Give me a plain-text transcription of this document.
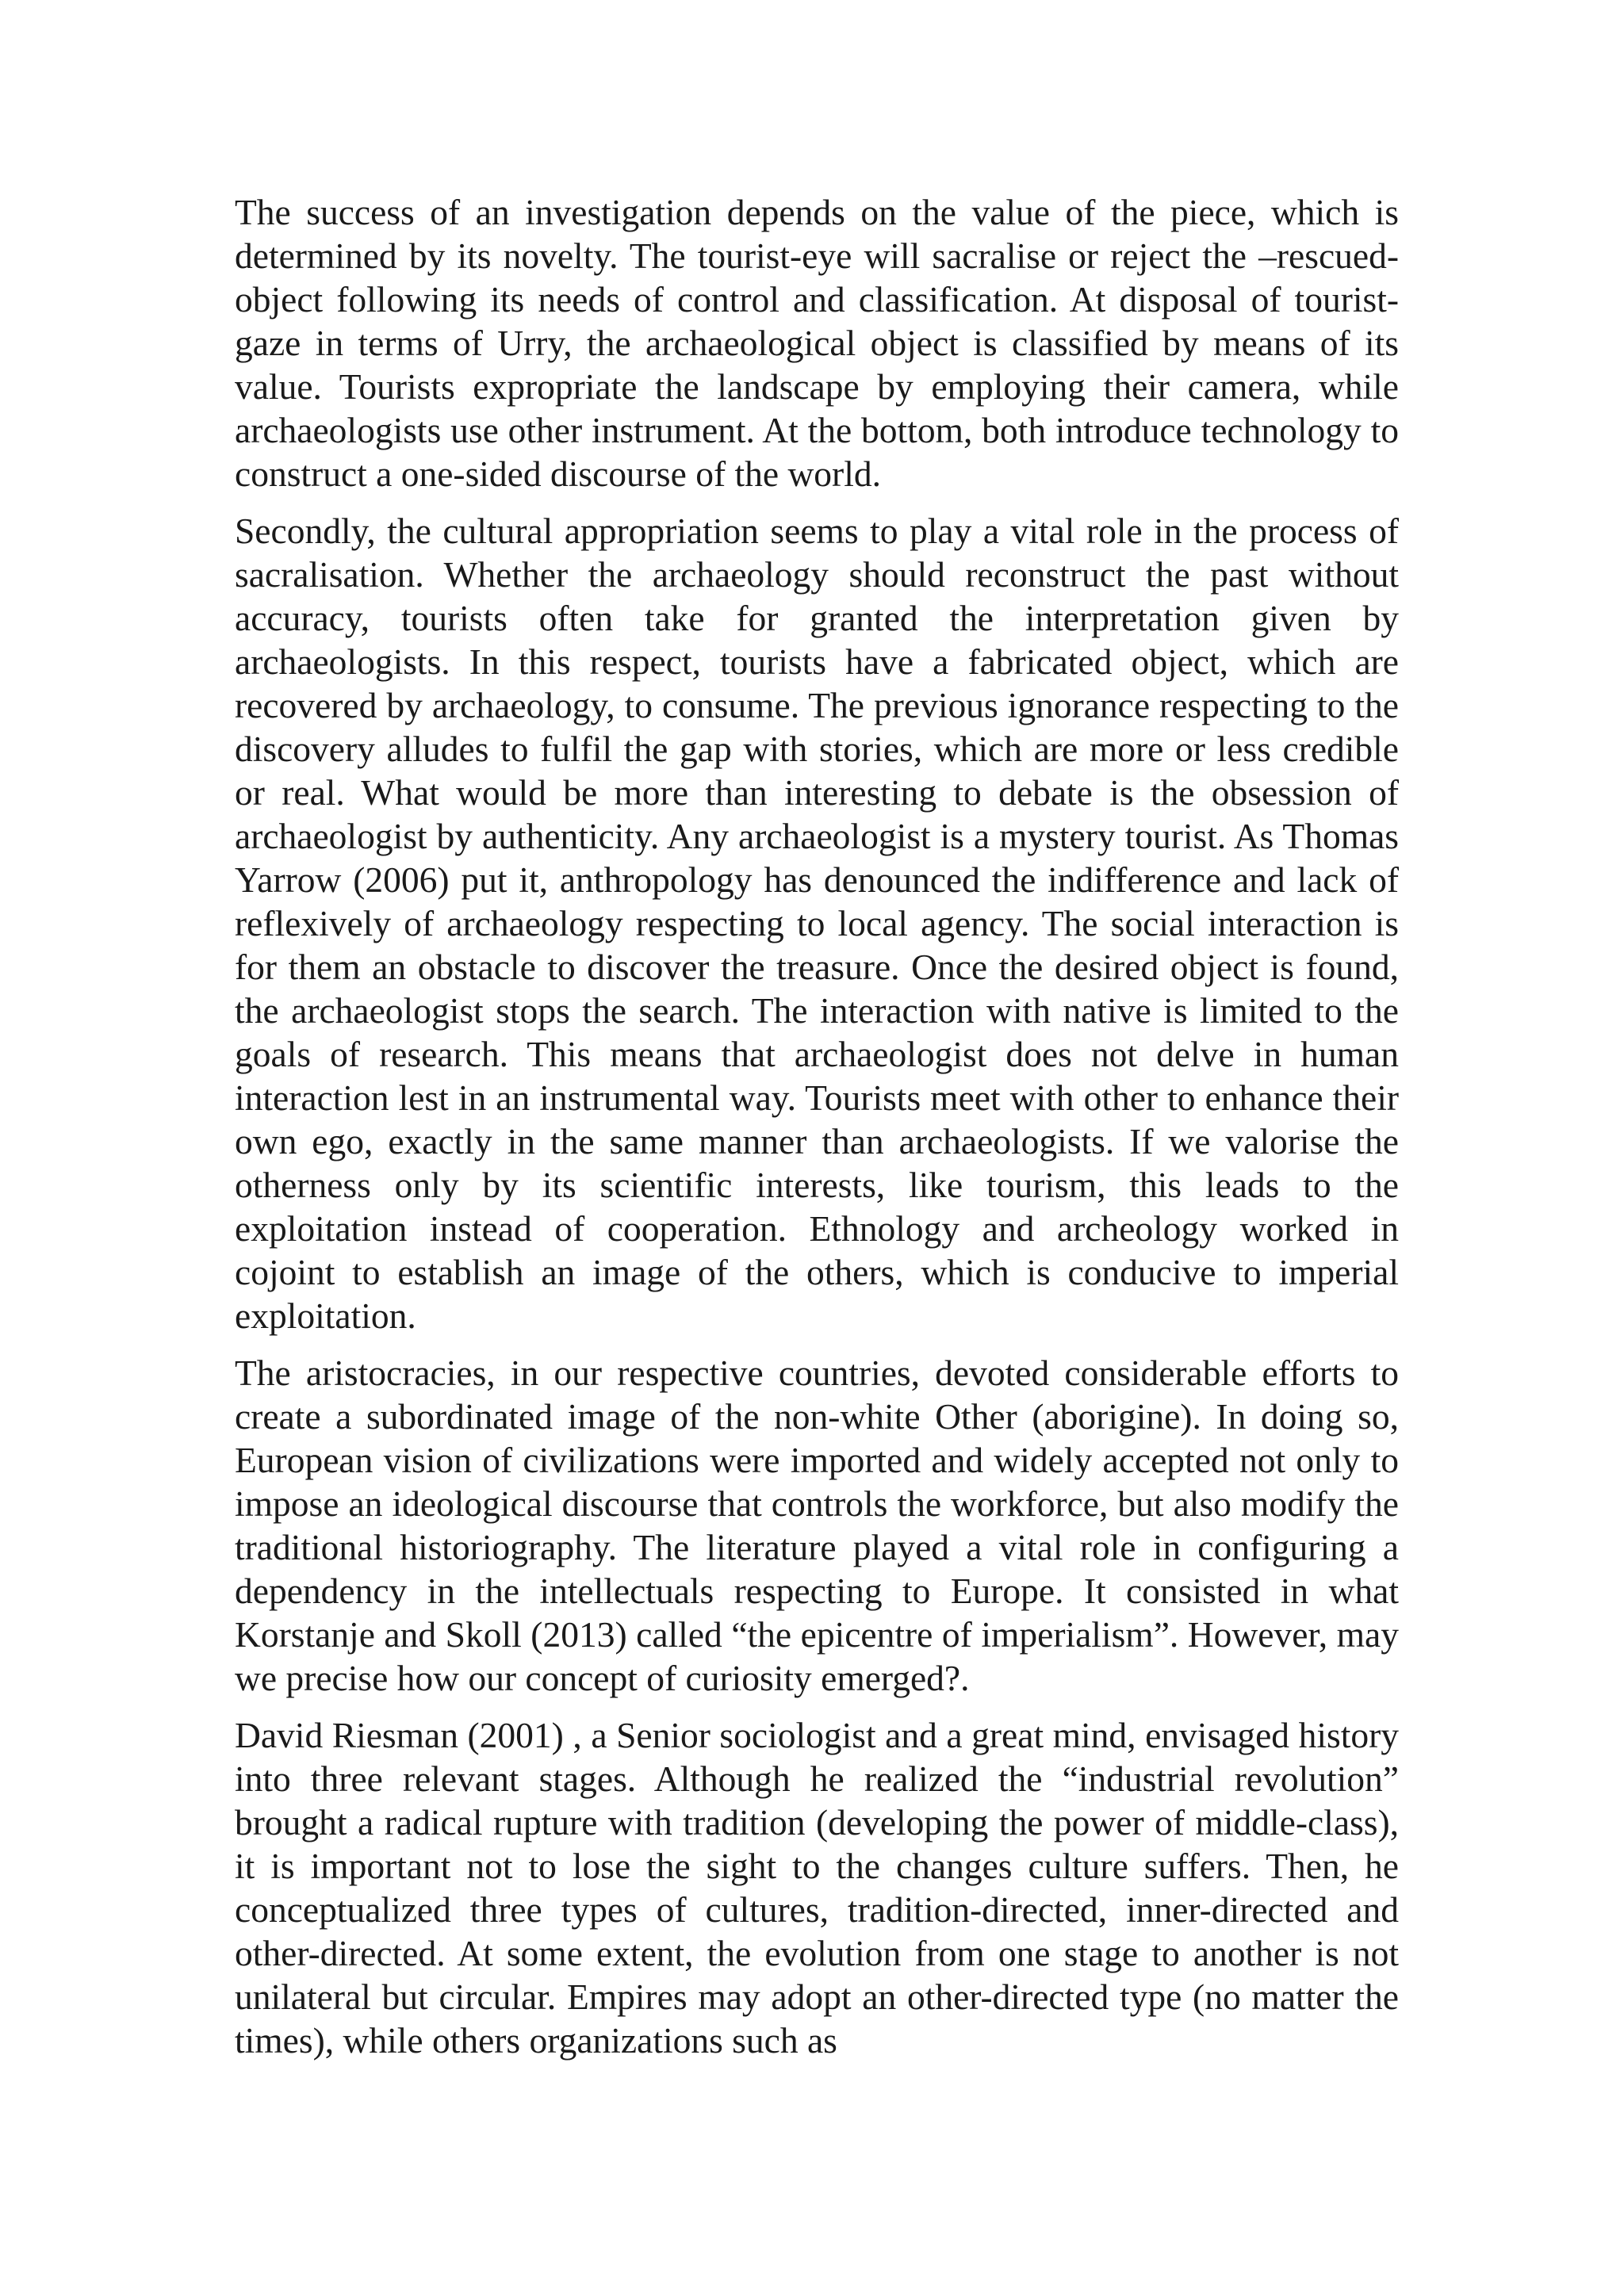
The success of an investigation depends on the value of the piece, which is determined by its novelty. The tourist-eye will sacralise or reject the –rescued-object following its needs of control and classification. At disposal of tourist-gaze in terms of Urry, the archaeological object is classified by means of its value. Tourists expropriate the landscape by employing their camera, while archaeologists use other instrument. At the bottom, both introduce technology to construct a one-sided discourse of the world.

Secondly, the cultural appropriation seems to play a vital role in the process of sacralisation. Whether the archaeology should reconstruct the past without accuracy, tourists often take for granted the interpretation given by archaeologists. In this respect, tourists have a fabricated object, which are recovered by archaeology, to consume. The previous ignorance respecting to the discovery alludes to fulfil the gap with stories, which are more or less credible or real. What would be more than interesting to debate is the obsession of archaeologist by authenticity. Any archaeologist is a mystery tourist. As Thomas Yarrow (2006) put it, anthropology has denounced the indifference and lack of reflexively of archaeology respecting to local agency. The social interaction is for them an obstacle to discover the treasure. Once the desired object is found, the archaeologist stops the search. The interaction with native is limited to the goals of research. This means that archaeologist does not delve in human interaction lest in an instrumental way. Tourists meet with other to enhance their own ego, exactly in the same manner than archaeologists. If we valorise the otherness only by its scientific interests, like tourism, this leads to the exploitation instead of cooperation. Ethnology and archeology worked in cojoint to establish an image of the others, which is conducive to imperial exploitation.

The aristocracies, in our respective countries, devoted considerable efforts to create a subordinated image of the non-white Other (aborigine). In doing so, European vision of civilizations were imported and widely accepted not only to impose an ideological discourse that controls the workforce, but also modify the traditional historiography. The literature played a vital role in configuring a dependency in the intellectuals respecting to Europe. It consisted in what Korstanje and Skoll (2013) called “the epicentre of imperialism”. However, may we precise how our concept of curiosity emerged?.

David Riesman (2001) , a Senior sociologist and a great mind, envisaged history into three relevant stages. Although he realized the “industrial revolution” brought a radical rupture with tradition (developing the power of middle-class), it is important not to lose the sight to the changes culture suffers. Then, he conceptualized three types of cultures, tradition-directed, inner-directed and other-directed. At some extent, the evolution from one stage to another is not unilateral but circular. Empires may adopt an other-directed type (no matter the times), while others organizations such as
